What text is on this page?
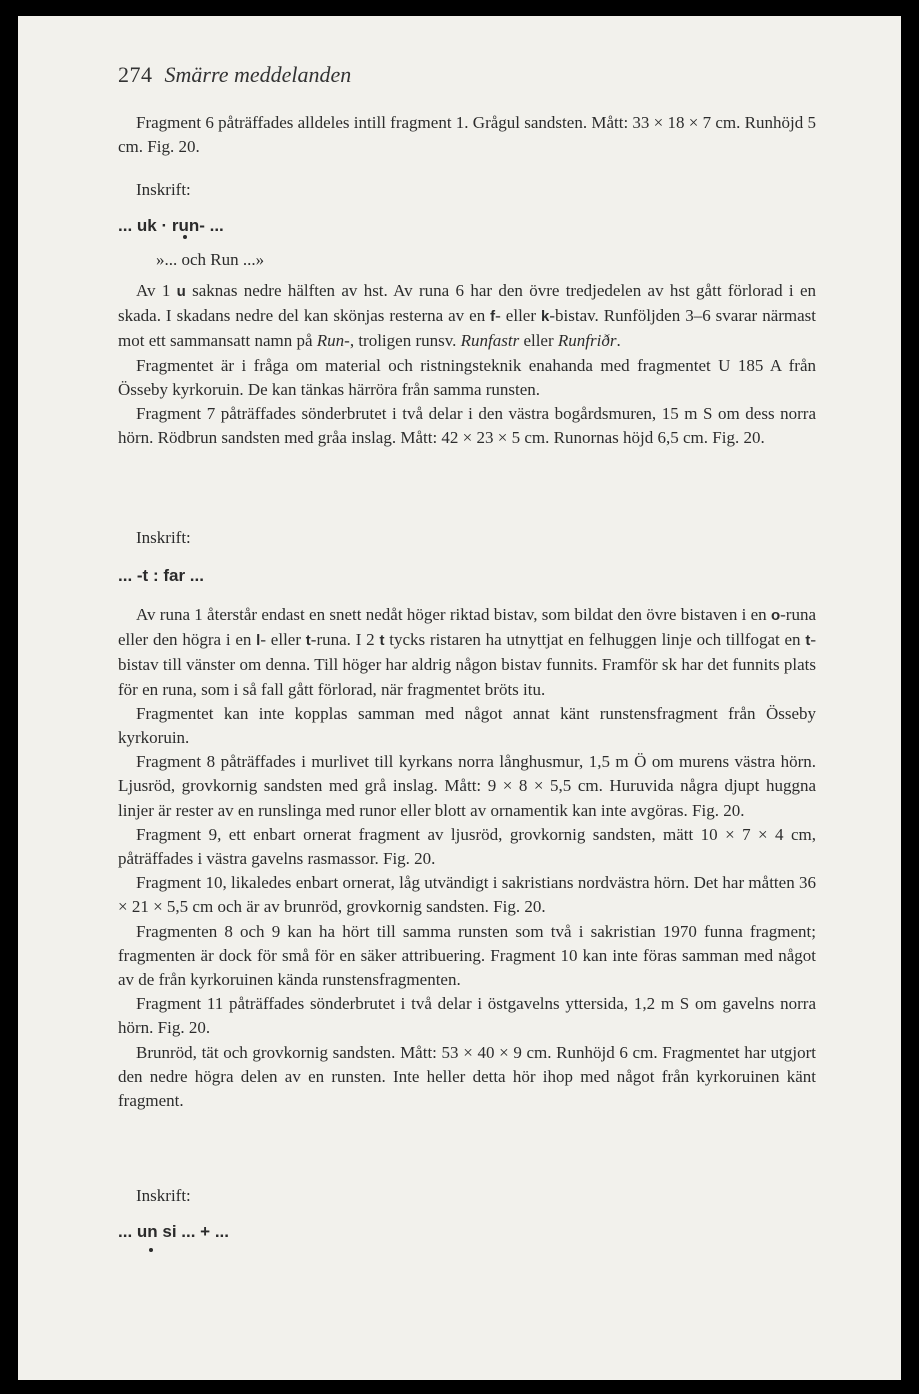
274 Smärre meddelanden

Fragment 6 påträffades alldeles intill fragment 1. Grågul sandsten. Mått: 33 × 18 × 7 cm. Runhöjd 5 cm. Fig. 20.

Inskrift:
... uk · run- ...
»... och Run ...»

Av 1 u saknas nedre hälften av hst. Av runa 6 har den övre tredjedelen av hst gått förlorad i en skada. I skadans nedre del kan skönjas resterna av en f- eller k-bistav. Runföljden 3–6 svarar närmast mot ett sammansatt namn på Run-, troligen runsv. Runfastr eller Runfriðr.

Fragmentet är i fråga om material och ristningsteknik enahanda med fragmentet U 185 A från Össeby kyrkoruin. De kan tänkas härröra från samma runsten.

Fragment 7 påträffades sönderbrutet i två delar i den västra bogårdsmuren, 15 m S om dess norra hörn. Rödbrun sandsten med gråa inslag. Mått: 42 × 23 × 5 cm. Runornas höjd 6,5 cm. Fig. 20.

Inskrift:
... -t : far ...

Av runa 1 återstår endast en snett nedåt höger riktad bistav, som bildat den övre bistaven i en o-runa eller den högra i en l- eller t-runa. I 2 t tycks ristaren ha utnyttjat en felhuggen linje och tillfogat en t-bistav till vänster om denna. Till höger har aldrig någon bistav funnits. Framför sk har det funnits plats för en runa, som i så fall gått förlorad, när fragmentet bröts itu.

Fragmentet kan inte kopplas samman med något annat känt runstensfragment från Össeby kyrkoruin.

Fragment 8 påträffades i murlivet till kyrkans norra långhusmur, 1,5 m Ö om murens västra hörn. Ljusröd, grovkornig sandsten med grå inslag. Mått: 9 × 8 × 5,5 cm. Huruvida några djupt huggna linjer är rester av en runslinga med runor eller blott av ornamentik kan inte avgöras. Fig. 20.

Fragment 9, ett enbart ornerat fragment av ljusröd, grovkornig sandsten, mätt 10 × 7 × 4 cm, påträffades i västra gavelns rasmassor. Fig. 20.

Fragment 10, likaledes enbart ornerat, låg utvändigt i sakristians nordvästra hörn. Det har måtten 36 × 21 × 5,5 cm och är av brunröd, grovkornig sandsten. Fig. 20.

Fragmenten 8 och 9 kan ha hört till samma runsten som två i sakristian 1970 funna fragment; fragmenten är dock för små för en säker attribuering. Fragment 10 kan inte föras samman med något av de från kyrkoruinen kända runstensfragmenten.

Fragment 11 påträffades sönderbrutet i två delar i östgavelns yttersida, 1,2 m S om gavelns norra hörn. Fig. 20.

Brunröd, tät och grovkornig sandsten. Mått: 53 × 40 × 9 cm. Runhöjd 6 cm. Fragmentet har utgjort den nedre högra delen av en runsten. Inte heller detta hör ihop med något från kyrkoruinen känt fragment.

Inskrift:
... un si ... + ...
